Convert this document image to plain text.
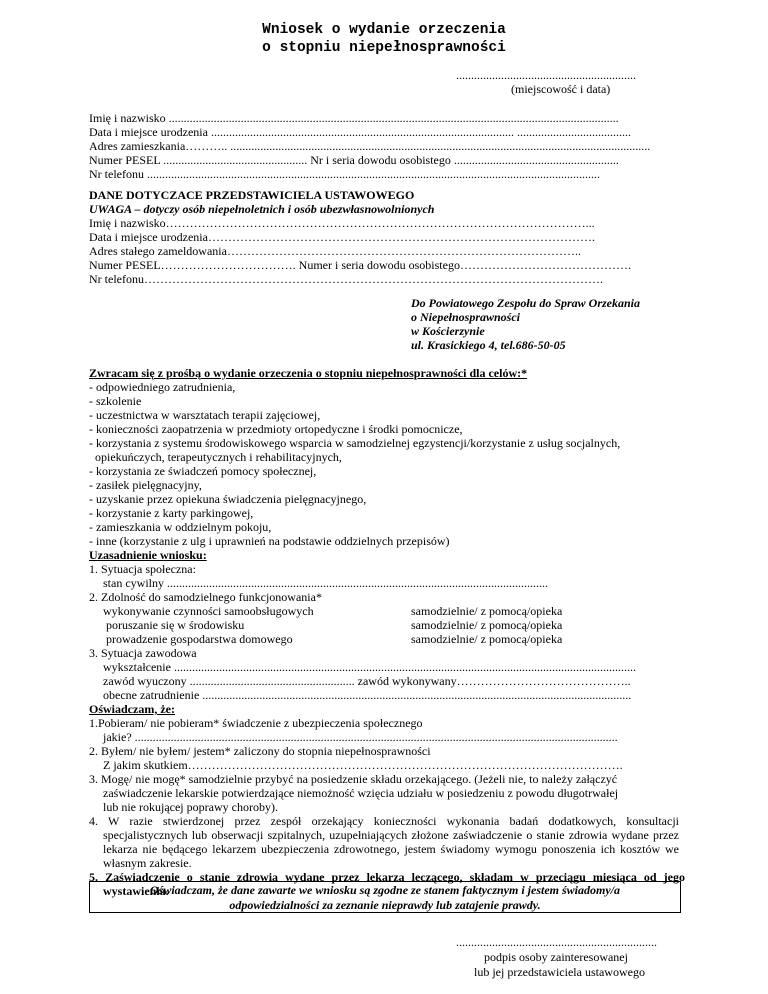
Wniosek o wydanie orzeczenia
o stopniu niepełnosprawności
............................................................
(miejscowość i data)
Imię i nazwisko ......................................................................................................................................................
Data i miejsce urodzenia ..................................................................................................... ......................................
Adres zamieszkania……….. ............................................................................................................................................
Numer PESEL ................................................ Nr i seria dowodu osobistego .......................................................
Nr telefonu .......................................................................................................................................................
DANE DOTYCZACE PRZEDSTAWICIELA USTAWOWEGO
UWAGA – dotyczy osób niepełnoletnich i osób ubezwłasnowolnionych
Imię i nazwisko……………………………………………………………………………………………...
Data i miejsce urodzenia…………………………………………………………………………………….
Adres stałego zameldowania……………………………………………………………………………..
Numer PESEL……………………………. Numer i seria dowodu osobistego…………………………………….
Nr telefonu…………………………………………………………………………………………………….
Do Powiatowego Zespołu do Spraw Orzekania
o Niepełnosprawności
w Kościerzynie
ul. Krasickiego 4, tel.686-50-05
Zwracam się z prośbą o wydanie orzeczenia o stopniu niepełnosprawności dla celów:*
- odpowiedniego zatrudnienia,
- szkolenie
- uczestnictwa w warsztatach terapii zajęciowej,
- konieczności zaopatrzenia w przedmioty ortopedyczne i środki pomocnicze,
- korzystania z systemu środowiskowego wsparcia w samodzielnej egzystencji/korzystanie z usług socjalnych,
opiekuńczych, terapeutycznych i rehabilitacyjnych,
- korzystania ze świadczeń pomocy społecznej,
- zasiłek pielęgnacyjny,
- uzyskanie przez opiekuna świadczenia pielęgnacyjnego,
- korzystanie z karty parkingowej,
- zamieszkania w oddzielnym pokoju,
- inne (korzystanie z ulg i uprawnień na podstawie oddzielnych przepisów)
Uzasadnienie wniosku:
1. Sytuacja społeczna:
stan cywilny ...............................................................................................................................
2. Zdolność do samodzielnego funkcjonowania*
wykonywanie czynności samoobsługowych	samodzielnie/ z pomocą/opieka
poruszanie się w środowisku	samodzielnie/ z pomocą/opieka
prowadzenie gospodarstwa domowego	samodzielnie/ z pomocą/opieka
3. Sytuacja zawodowa
wykształcenie ..........................................................................................................................................................
zawód wyuczony ....................................................... zawód wykonywany……………………………………..
obecne zatrudnienie ...............................................................................................................................................
Oświadczam, że:
1.Pobieram/ nie pobieram* świadczenie z ubezpieczenia społecznego
jakie? .................................................................................................................................................................
2. Byłem/ nie byłem/ jestem* zaliczony do stopnia niepełnosprawności
Z jakim skutkiem……………………………………………………………………………………………….
3. Mogę/ nie mogę* samodzielnie przybyć na posiedzenie składu orzekającego. (Jeżeli nie, to należy załączyć
zaświadczenie lekarskie potwierdzające niemożność wzięcia udziału w posiedzeniu z powodu długotrwałej
lub nie rokującej poprawy choroby).
4. W razie stwierdzonej przez zespół orzekający konieczności wykonania badań dodatkowych, konsultacji specjalistycznych lub obserwacji szpitalnych, uzupełniających złożone zaświadczenie o stanie zdrowia wydane przez lekarza nie będącego lekarzem ubezpieczenia zdrowotnego, jestem świadomy wymogu ponoszenia ich kosztów we własnym zakresie.
5. Zaświadczenie o stanie zdrowia wydane przez lekarza leczącego, składam w przeciągu miesiąca od jego wystawienia.
Oświadczam, że dane zawarte we wniosku są zgodne ze stanem faktycznym i jestem świadomy/a
odpowiedzialności za zeznanie nieprawdy lub zatajenie prawdy.
...................................................................
podpis osoby zainteresowanej
lub jej przedstawiciela ustawowego
